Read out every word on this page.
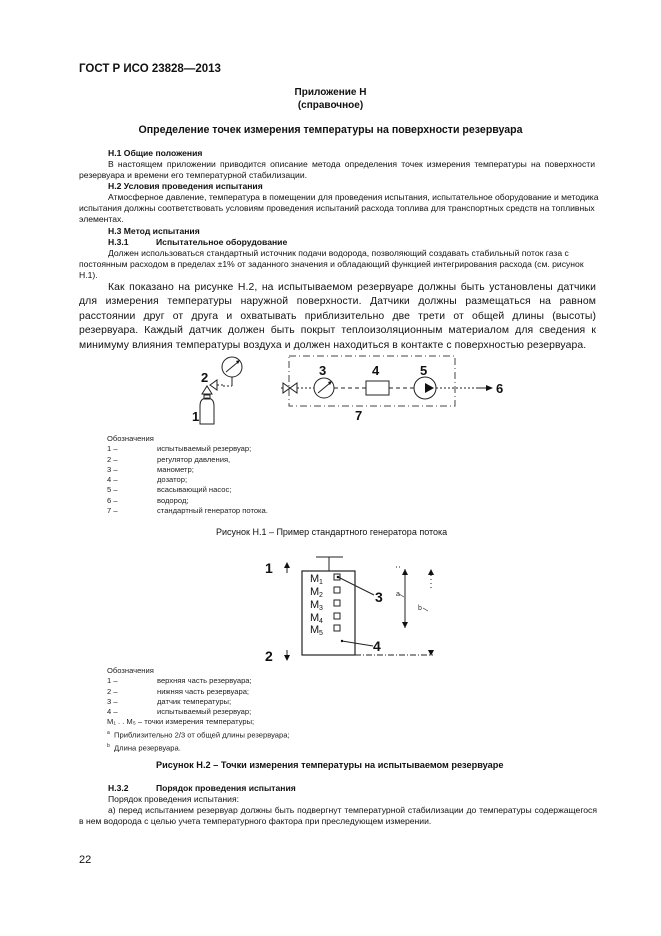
ГОСТ Р ИСО 23828—2013
Приложение Н
(справочное)
Определение точек измерения температуры на поверхности резервуара
Н.1 Общие положения
В настоящем приложении приводится описание метода определения точек измерения температуры на поверхности резервуара и времени его температурной стабилизации.
Н.2 Условия проведения испытания
Атмосферное давление, температура в помещении для проведения испытания, испытательное оборудование и методика испытания должны соответствовать условиям проведения испытаний расхода топлива для транспортных средств на топливных элементах.
Н.3 Метод испытания
Н.3.1	Испытательное оборудование
Должен использоваться стандартный источник подачи водорода, позволяющий создавать стабильный поток газа с постоянным расходом в пределах ±1% от заданного значения и обладающий функцией интегрирования расхода (см. рисунок Н.1).
Как показано на рисунке Н.2, на испытываемом резервуаре должны быть установлены датчики для измерения температуры наружной поверхности. Датчики должны размещаться на равном расстоянии друг от друга и охватывать приблизительно две трети от общей длины (высоты) резервуара. Каждый датчик должен быть покрыт теплоизоляционным материалом для сведения к минимуму влияния температуры воздуха и должен находиться в контакте с поверхностью резервуара.
1
2	3	4	5
6
7
Обозначения
1 –	испытываемый резервуар;
2 –	регулятор давления,
3 –	манометр;
4 –	дозатор;
5 –	всасывающий насос;
6 –	водород;
7 –	стандартный генератор потока.
Рисунок Н.1 – Пример стандартного генератора потока
M 1
M 2
M 3
M 4
M 5
1
2
3
4
a
b
Обозначения
1 –	верхняя часть резервуара;
2 –	нижняя часть резервуара;
3 –	датчик температуры;
4 –	испытываемый резервуар;
М₁ . . М₅ – точки измерения температуры;
$^a$ Приблизительно 2/3 от общей длины резервуара;
$^b$ Длина резервуара.
Рисунок Н.2 – Точки измерения температуры на испытываемом резервуаре
Н.3.2	Порядок проведения испытания
Порядок проведения испытания:
а) перед испытанием резервуар должны быть подвергнут температурной стабилизации до температуры содержащегося в нем водорода с целью учета температурного фактора при преследующем измерении.
22
